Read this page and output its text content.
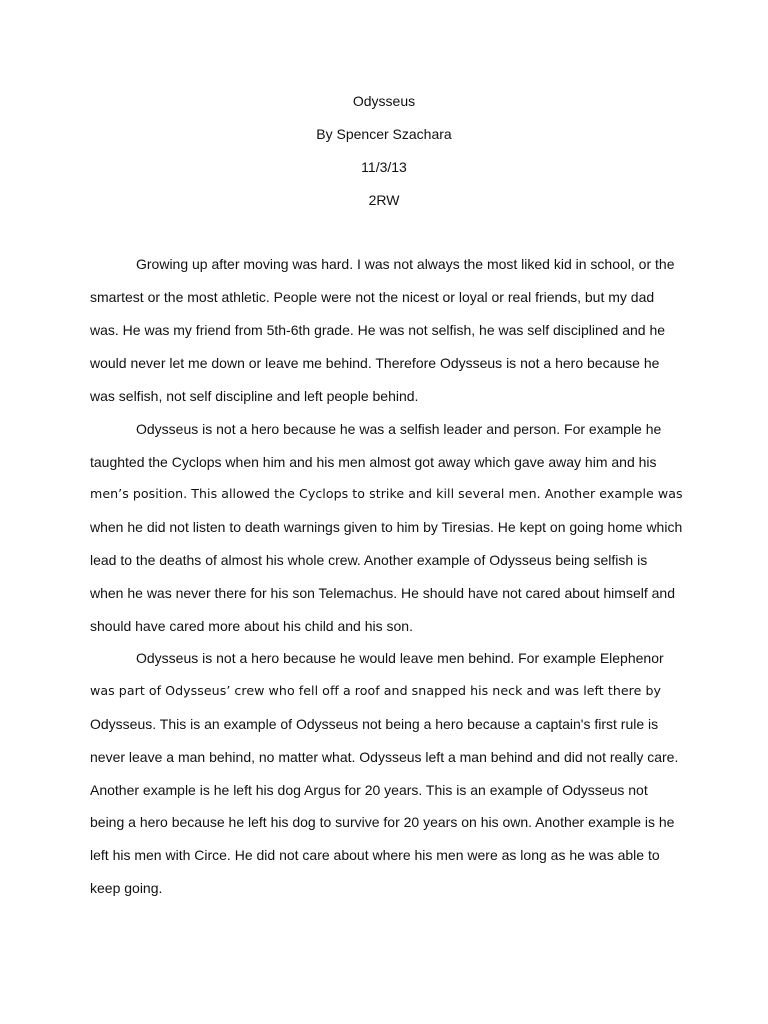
Odysseus
By Spencer Szachara
11/3/13
2RW
Growing up after moving was hard. I was not always the most liked kid in school, or the
smartest or the most athletic. People were not the nicest or loyal or real friends, but my dad
was. He was my friend from 5th-6th grade. He was not selfish, he was self disciplined and he
would never let me down or leave me behind. Therefore Odysseus is not a hero because he
was selfish, not self discipline and left people behind.
Odysseus is not a hero because he was a selfish leader and person. For example he
taughted the Cyclops when him and his men almost got away which gave away him and his
men’s position. This allowed the Cyclops to strike and kill several men. Another example was
when he did not listen to death warnings given to him by Tiresias. He kept on going home which
lead to the deaths of almost his whole crew. Another example of Odysseus being selfish is
when he was never there for his son Telemachus. He should have not cared about himself and
should have cared more about his child and his son.
Odysseus is not a hero because he would leave men behind. For example Elephenor
was part of Odysseus’ crew who fell off a roof and snapped his neck and was left there by
Odysseus. This is an example of Odysseus not being a hero because a captain's first rule is
never leave a man behind, no matter what. Odysseus left a man behind and did not really care.
Another example is he left his dog Argus for 20 years. This is an example of Odysseus not
being a hero because he left his dog to survive for 20 years on his own. Another example is he
left his men with Circe. He did not care about where his men were as long as he was able to
keep going.
